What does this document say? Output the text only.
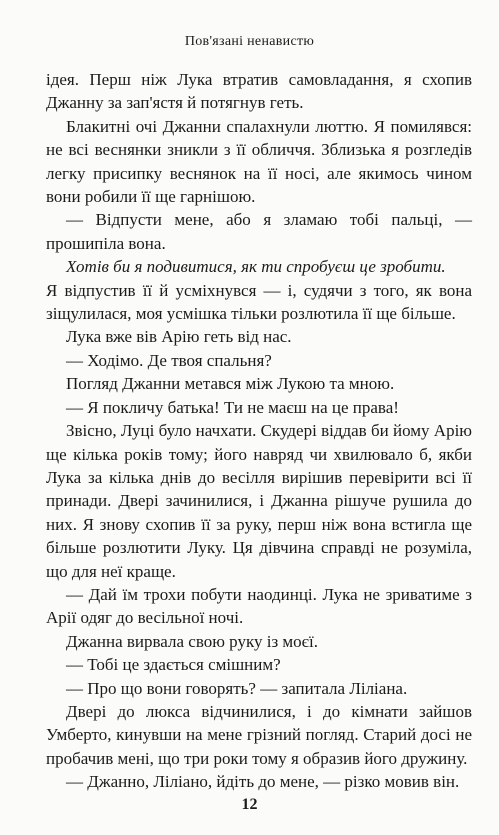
Пов'язані ненавистю

ідея. Перш ніж Лука втратив самовладання, я схопив Джанну за зап'ястя й потягнув геть.

Блакитні очі Джанни спалахнули люттю. Я помилявся: не всі веснянки зникли з її обличчя. Зблизька я розгледів легку присипку веснянок на її носі, але якимось чином вони робили її ще гарнішою.

— Відпусти мене, або я зламаю тобі пальці, — прошипіла вона.

Хотів би я подивитися, як ти спробуєш це зробити.

Я відпустив її й усміхнувся — і, судячи з того, як вона зіщулилася, моя усмішка тільки розлютила її ще більше.

Лука вже вів Арію геть від нас.

— Ходімо. Де твоя спальня?

Погляд Джанни метався між Лукою та мною.

— Я покличу батька! Ти не маєш на це права!

Звісно, Луці було начхати. Скудері віддав би йому Арію ще кілька років тому; його навряд чи хвилювало б, якби Лука за кілька днів до весілля вирішив перевірити всі її принади. Двері зачинилися, і Джанна рішуче рушила до них. Я знову схопив її за руку, перш ніж вона встигла ще більше розлютити Луку. Ця дівчина справді не розуміла, що для неї краще.

— Дай їм трохи побути наодинці. Лука не зриватиме з Арії одяг до весільної ночі.

Джанна вирвала свою руку із моєї.

— Тобі це здається смішним?

— Про що вони говорять? — запитала Ліліана.

Двері до люкса відчинилися, і до кімнати зайшов Умберто, кинувши на мене грізний погляд. Старий досі не пробачив мені, що три роки тому я образив його дружину.

— Джанно, Ліліано, йдіть до мене, — різко мовив він.

12
